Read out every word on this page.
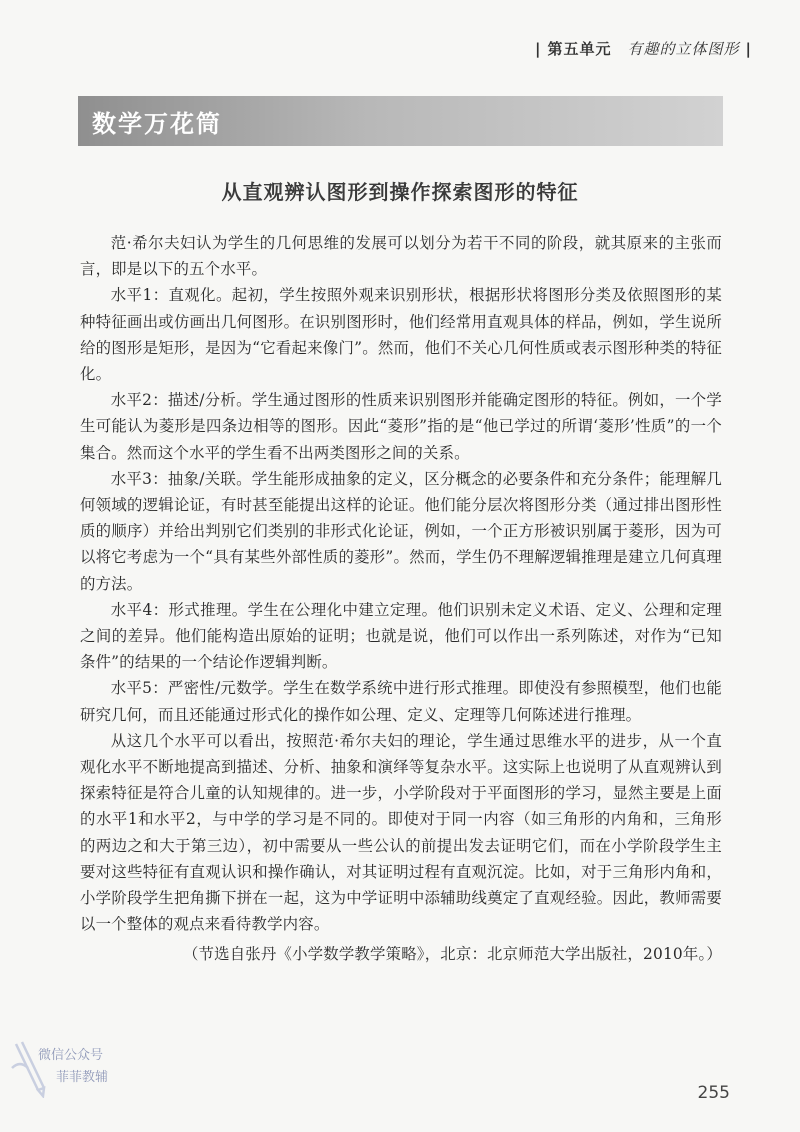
| 第五单元 有趣的立体图形 |
数学万花筒
从直观辨认图形到操作探索图形的特征

范·希尔夫妇认为学生的几何思维的发展可以划分为若干不同的阶段，就其原来的主张而言，即是以下的五个水平。

水平1：直观化。起初，学生按照外观来识别形状，根据形状将图形分类及依照图形的某种特征画出或仿画出几何图形。在识别图形时，他们经常用直观具体的样品，例如，学生说所给的图形是矩形，是因为“它看起来像门”。然而，他们不关心几何性质或表示图形种类的特征化。

水平2：描述/分析。学生通过图形的性质来识别图形并能确定图形的特征。例如，一个学生可能认为菱形是四条边相等的图形。因此“菱形”指的是“他已学过的所谓‘菱形’性质”的一个集合。然而这个水平的学生看不出两类图形之间的关系。

水平3：抽象/关联。学生能形成抽象的定义，区分概念的必要条件和充分条件；能理解几何领域的逻辑论证，有时甚至能提出这样的论证。他们能分层次将图形分类（通过排出图形性质的顺序）并给出判别它们类别的非形式化论证，例如，一个正方形被识别属于菱形，因为可以将它考虑为一个“具有某些外部性质的菱形”。然而，学生仍不理解逻辑推理是建立几何真理的方法。

水平4：形式推理。学生在公理化中建立定理。他们识别未定义术语、定义、公理和定理之间的差异。他们能构造出原始的证明；也就是说，他们可以作出一系列陈述，对作为“已知条件”的结果的一个结论作逻辑判断。

水平5：严密性/元数学。学生在数学系统中进行形式推理。即使没有参照模型，他们也能研究几何，而且还能通过形式化的操作如公理、定义、定理等几何陈述进行推理。

从这几个水平可以看出，按照范·希尔夫妇的理论，学生通过思维水平的进步，从一个直观化水平不断地提高到描述、分析、抽象和演绎等复杂水平。这实际上也说明了从直观辨认到探索特征是符合儿童的认知规律的。进一步，小学阶段对于平面图形的学习，显然主要是上面的水平1和水平2，与中学的学习是不同的。即使对于同一内容（如三角形的内角和，三角形的两边之和大于第三边），初中需要从一些公认的前提出发去证明它们，而在小学阶段学生主要对这些特征有直观认识和操作确认，对其证明过程有直观沉淀。比如，对于三角形内角和，小学阶段学生把角撕下拼在一起，这为中学证明中添辅助线奠定了直观经验。因此，教师需要以一个整体的观点来看待教学内容。

（节选自张丹《小学数学教学策略》，北京：北京师范大学出版社，2010年。）

微信公众号
菲菲教辅
255
